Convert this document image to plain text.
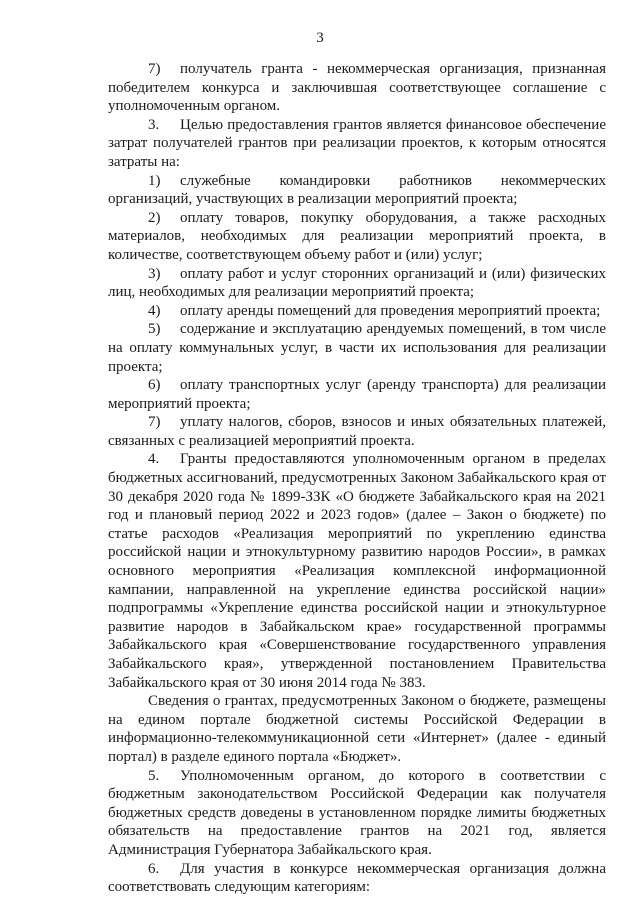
3

7) получатель гранта - некоммерческая организация, признанная победителем конкурса и заключившая соответствующее соглашение с уполномоченным органом.

3. Целью предоставления грантов является финансовое обеспечение затрат получателей грантов при реализации проектов, к которым относятся затраты на:

1) служебные командировки работников некоммерческих организаций, участвующих в реализации мероприятий проекта;

2) оплату товаров, покупку оборудования, а также расходных материалов, необходимых для реализации мероприятий проекта, в количестве, соответствующем объему работ и (или) услуг;

3) оплату работ и услуг сторонних организаций и (или) физических лиц, необходимых для реализации мероприятий проекта;

4) оплату аренды помещений для проведения мероприятий проекта;

5) содержание и эксплуатацию арендуемых помещений, в том числе на оплату коммунальных услуг, в части их использования для реализации проекта;

6) оплату транспортных услуг (аренду транспорта) для реализации мероприятий проекта;

7) уплату налогов, сборов, взносов и иных обязательных платежей, связанных с реализацией мероприятий проекта.

4. Гранты предоставляются уполномоченным органом в пределах бюджетных ассигнований, предусмотренных Законом Забайкальского края от 30 декабря 2020 года № 1899-ЗЗК «О бюджете Забайкальского края на 2021 год и плановый период 2022 и 2023 годов» (далее – Закон о бюджете) по статье расходов «Реализация мероприятий по укреплению единства российской нации и этнокультурному развитию народов России», в рамках основного мероприятия «Реализация комплексной информационной кампании, направленной на укрепление единства российской нации» подпрограммы «Укрепление единства российской нации и этнокультурное развитие народов в Забайкальском крае» государственной программы Забайкальского края «Совершенствование государственного управления Забайкальского края», утвержденной постановлением Правительства Забайкальского края от 30 июня 2014 года № 383.

Сведения о грантах, предусмотренных Законом о бюджете, размещены на едином портале бюджетной системы Российской Федерации в информационно-телекоммуникационной сети «Интернет» (далее - единый портал) в разделе единого портала «Бюджет».

5. Уполномоченным органом, до которого в соответствии с бюджетным законодательством Российской Федерации как получателя бюджетных средств доведены в установленном порядке лимиты бюджетных обязательств на предоставление грантов на 2021 год, является Администрация Губернатора Забайкальского края.

6. Для участия в конкурсе некоммерческая организация должна соответствовать следующим категориям:
